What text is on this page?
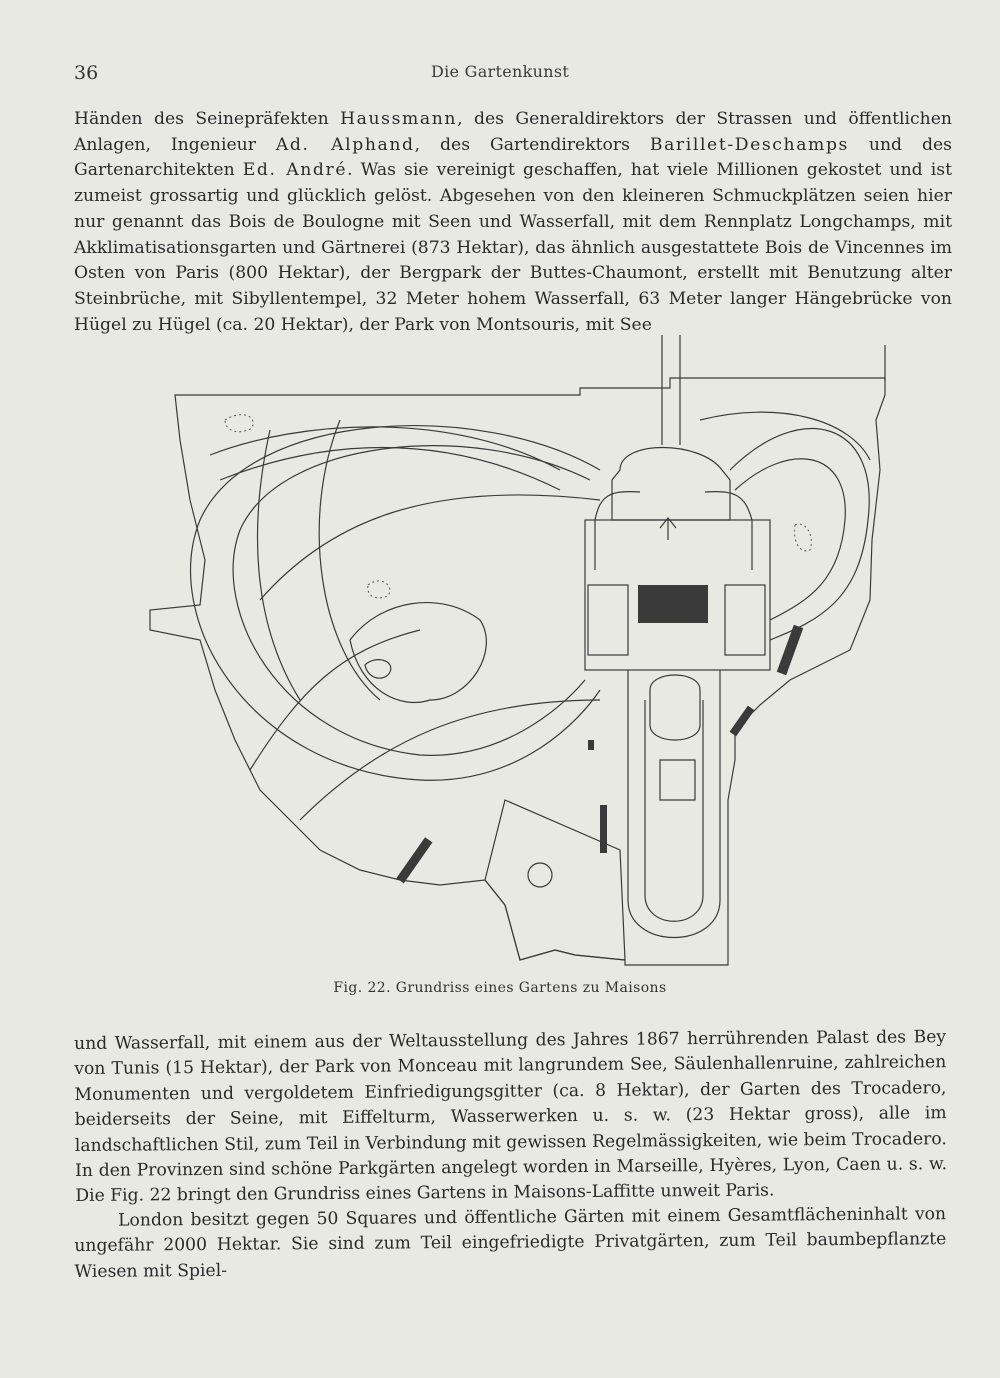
36	Die Gartenkunst
Händen des Seinepräfekten Haussmann, des Generaldirektors der Strassen und öffentlichen Anlagen, Ingenieur Ad. Alphand, des Gartendirektors Barillet-Deschamps und des Gartenarchitekten Ed. André. Was sie vereinigt geschaffen, hat viele Millionen gekostet und ist zumeist grossartig und glücklich gelöst. Abgesehen von den kleineren Schmuckplätzen seien hier nur genannt das Bois de Boulogne mit Seen und Wasserfall, mit dem Rennplatz Longchamps, mit Akklimatisationsgarten und Gärtnerei (873 Hektar), das ähnlich ausgestattete Bois de Vincennes im Osten von Paris (800 Hektar), der Bergpark der Buttes-Chaumont, erstellt mit Benutzung alter Steinbrüche, mit Sibyllentempel, 32 Meter hohem Wasserfall, 63 Meter langer Hängebrücke von Hügel zu Hügel (ca. 20 Hektar), der Park von Montsouris, mit See
Fig. 22. Grundriss eines Gartens zu Maisons
und Wasserfall, mit einem aus der Weltausstellung des Jahres 1867 herrührenden Palast des Bey von Tunis (15 Hektar), der Park von Monceau mit langrundem See, Säulenhallenruine, zahlreichen Monumenten und vergoldetem Einfriedigungsgitter (ca. 8 Hektar), der Garten des Trocadero, beiderseits der Seine, mit Eiffelturm, Wasserwerken u. s. w. (23 Hektar gross), alle im landschaftlichen Stil, zum Teil in Verbindung mit gewissen Regelmässigkeiten, wie beim Trocadero. In den Provinzen sind schöne Parkgärten angelegt worden in Marseille, Hyères, Lyon, Caen u. s. w. Die Fig. 22 bringt den Grundriss eines Gartens in Maisons-Laffitte unweit Paris.
London besitzt gegen 50 Squares und öffentliche Gärten mit einem Gesamtflächeninhalt von ungefähr 2000 Hektar. Sie sind zum Teil eingefriedigte Privatgärten, zum Teil baumbepflanzte Wiesen mit Spiel-
